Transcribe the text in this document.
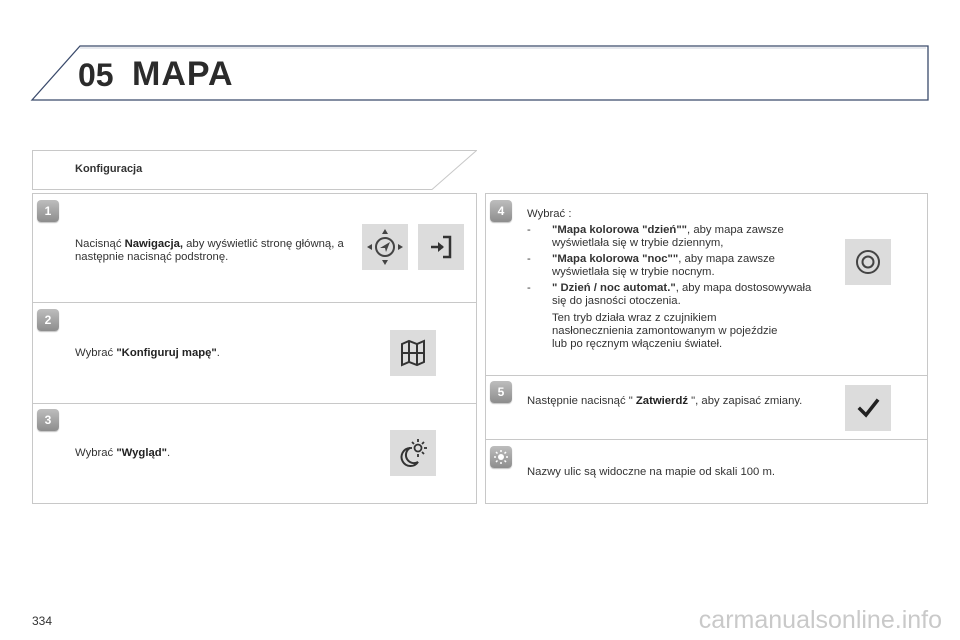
05 MAPA
Konfiguracja
1
Nacisnąć Nawigacja, aby wyświetlić stronę główną, a następnie nacisnąć podstronę.
2
Wybrać "Konfiguruj mapę".
3
Wybrać "Wygląd".
4	Wybrać :
- "Mapa kolorowa "dzień"", aby mapa zawsze wyświetlała się w trybie dziennym,
- "Mapa kolorowa "noc"", aby mapa zawsze wyświetlała się w trybie nocnym.
- " Dzień / noc automat.", aby mapa dostosowywała się do jasności otoczenia.
Ten tryb działa wraz z czujnikiem nasłonecznienia zamontowanym w pojeździe lub po ręcznym włączeniu świateł.
5
Następnie nacisnąć " Zatwierdź ", aby zapisać zmiany.
Nazwy ulic są widoczne na mapie od skali 100 m.
334	carmanualsonline.info
